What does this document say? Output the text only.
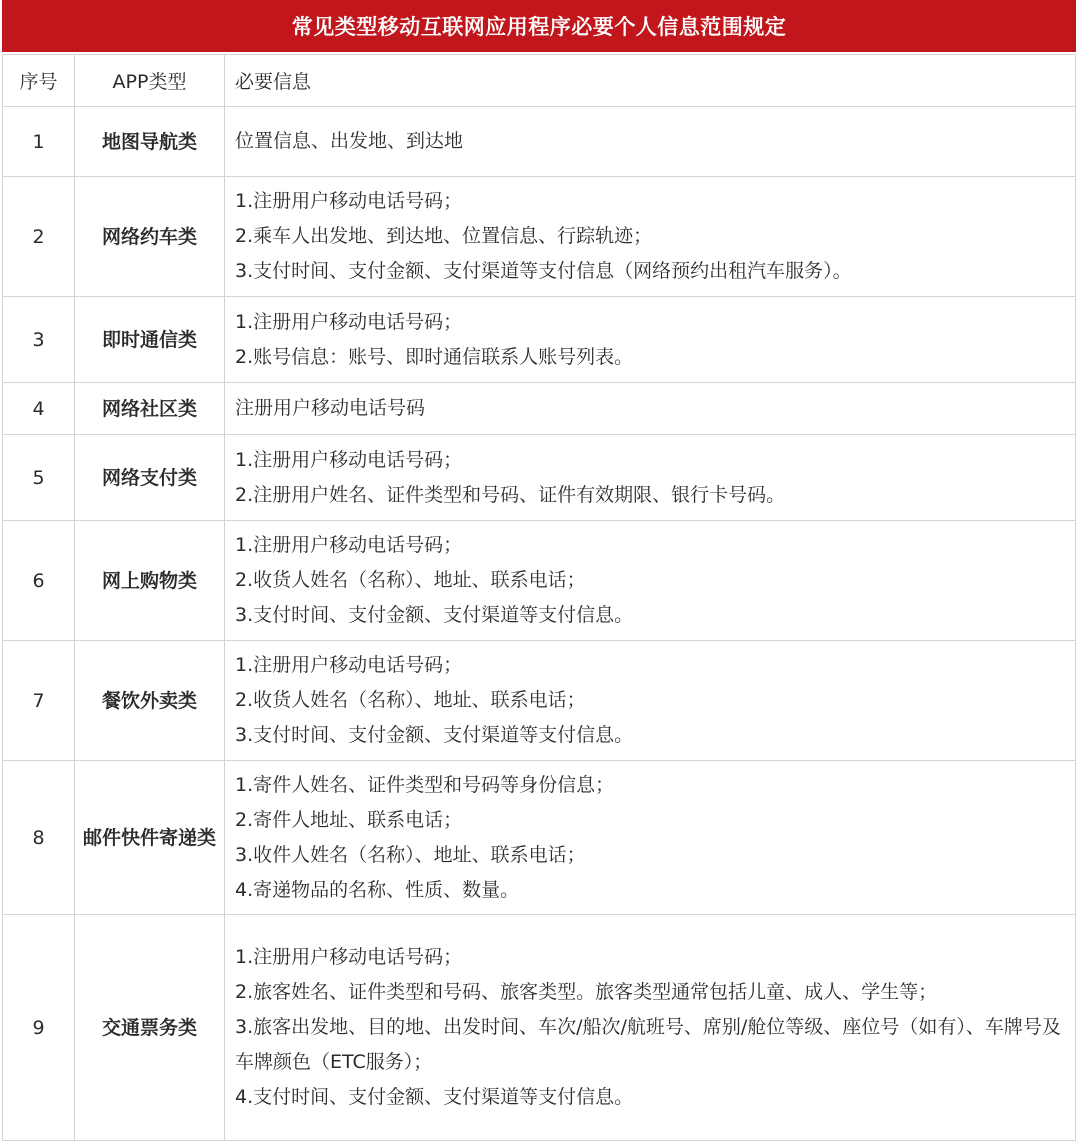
常见类型移动互联网应用程序必要个人信息范围规定
序号	APP类型	必要信息
1	地图导航类	位置信息、出发地、到达地

2	网络约车类	1.注册用户移动电话号码；
2.乘车人出发地、到达地、位置信息、行踪轨迹；
3.支付时间、支付金额、支付渠道等支付信息（网络预约出租汽车服务）。

3	即时通信类	1.注册用户移动电话号码；
2.账号信息：账号、即时通信联系人账号列表。

4	网络社区类	注册用户移动电话号码

5	网络支付类	1.注册用户移动电话号码；
2.注册用户姓名、证件类型和号码、证件有效期限、银行卡号码。

6	网上购物类	1.注册用户移动电话号码；
2.收货人姓名（名称）、地址、联系电话；
3.支付时间、支付金额、支付渠道等支付信息。

7	餐饮外卖类	1.注册用户移动电话号码；
2.收货人姓名（名称）、地址、联系电话；
3.支付时间、支付金额、支付渠道等支付信息。

8	邮件快件寄递类	1.寄件人姓名、证件类型和号码等身份信息；
2.寄件人地址、联系电话；
3.收件人姓名（名称）、地址、联系电话；
4.寄递物品的名称、性质、数量。

9	交通票务类	1.注册用户移动电话号码；
2.旅客姓名、证件类型和号码、旅客类型。旅客类型通常包括儿童、成人、学生等；
3.旅客出发地、目的地、出发时间、车次/船次/航班号、席别/舱位等级、座位号（如有）、车牌号及车牌颜色（ETC服务）；
4.支付时间、支付金额、支付渠道等支付信息。
